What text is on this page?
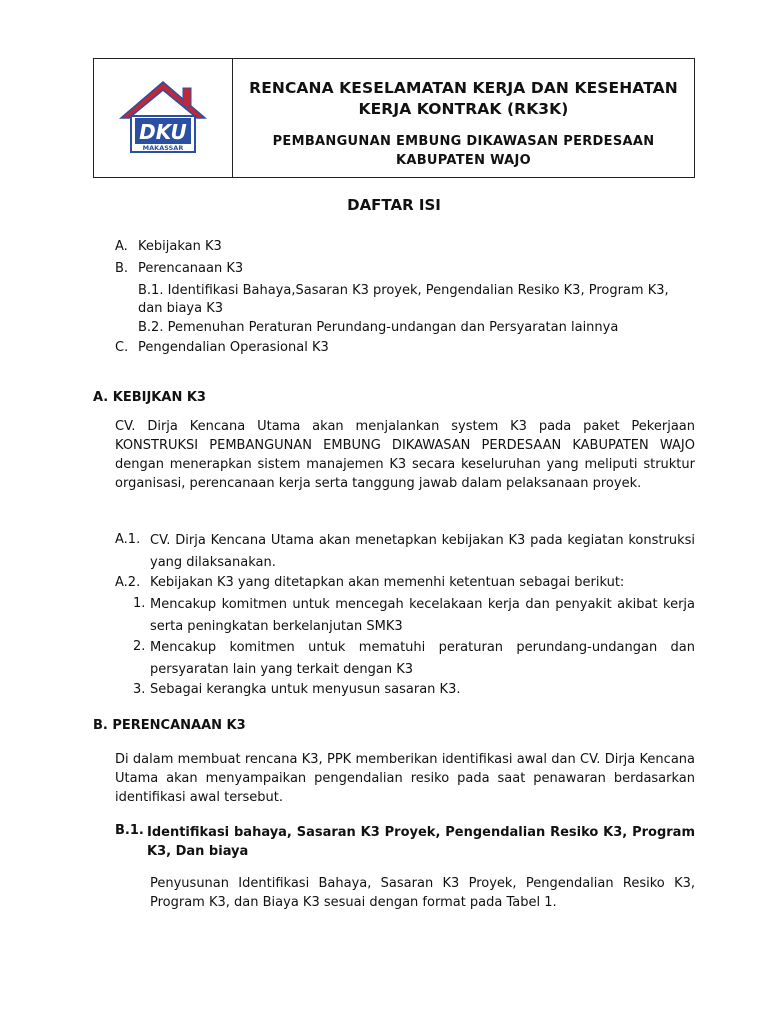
DKU
MAKASSAR
RENCANA KESELAMATAN KERJA DAN KESEHATAN
KERJA KONTRAK (RK3K)
PEMBANGUNAN EMBUNG DIKAWASAN PERDESAAN
KABUPATEN WAJO
DAFTAR ISI
A. Kebijakan K3
B. Perencanaan K3
B.1. Identifikasi Bahaya,Sasaran K3 proyek, Pengendalian Resiko K3, Program K3,
dan biaya K3
B.2. Pemenuhan Peraturan Perundang-undangan dan Persyaratan lainnya
C. Pengendalian Operasional K3
A. KEBIJKAN K3
CV. Dirja Kencana Utama akan menjalankan system K3 pada paket Pekerjaan KONSTRUKSI PEMBANGUNAN EMBUNG DIKAWASAN PERDESAAN KABUPATEN WAJO dengan menerapkan sistem manajemen K3 secara keseluruhan yang meliputi struktur organisasi, perencanaan kerja serta tanggung jawab dalam pelaksanaan proyek.
A.1. CV. Dirja Kencana Utama akan menetapkan kebijakan K3 pada kegiatan konstruksi yang dilaksanakan.
A.2. Kebijakan K3 yang ditetapkan akan memenhi ketentuan sebagai berikut:
1. Mencakup komitmen untuk mencegah kecelakaan kerja dan penyakit akibat kerja serta peningkatan berkelanjutan SMK3
2. Mencakup komitmen untuk mematuhi peraturan perundang-undangan dan persyaratan lain yang terkait dengan K3
3. Sebagai kerangka untuk menyusun sasaran K3.
B. PERENCANAAN K3
Di dalam membuat rencana K3, PPK memberikan identifikasi awal dan CV. Dirja Kencana Utama akan menyampaikan pengendalian resiko pada saat penawaran berdasarkan identifikasi awal tersebut.
B.1. Identifikasi bahaya, Sasaran K3 Proyek, Pengendalian Resiko K3, Program K3, Dan biaya
Penyusunan Identifikasi Bahaya, Sasaran K3 Proyek, Pengendalian Resiko K3, Program K3, dan Biaya K3 sesuai dengan format pada Tabel 1.
